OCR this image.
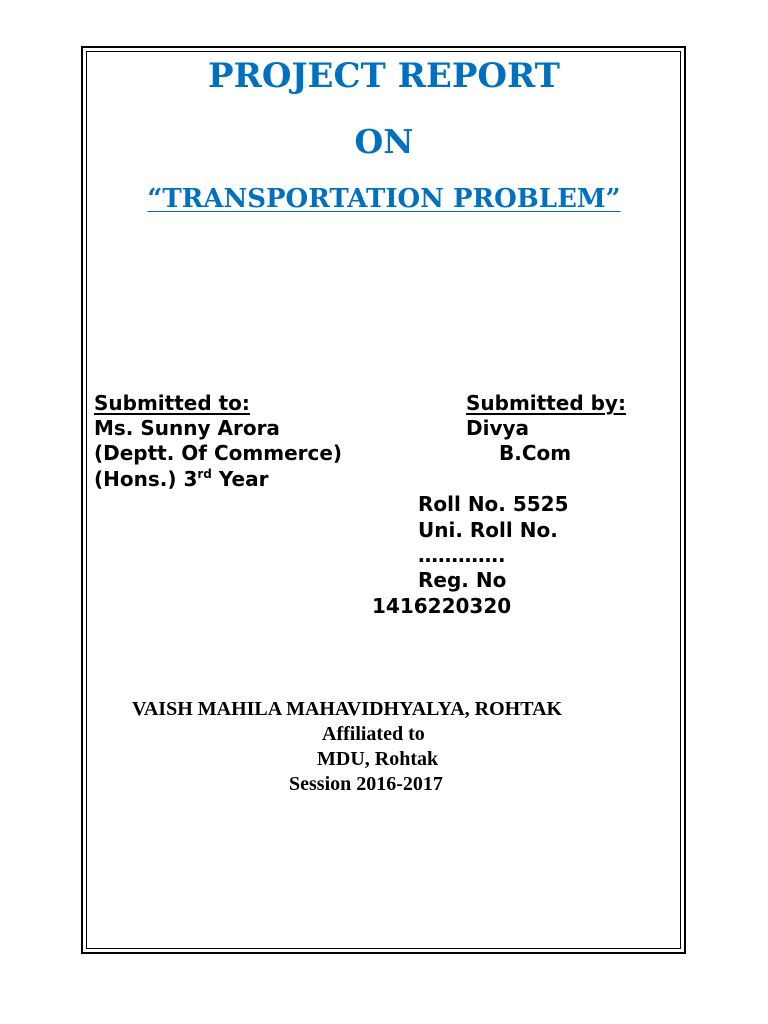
PROJECT REPORT
ON
“TRANSPORTATION PROBLEM”
Submitted to:
Ms. Sunny Arora
(Deptt. Of Commerce)
(Hons.) 3rd Year
Submitted by:
Divya
B.Com
Roll No. 5525
Uni. Roll No.
………….
Reg. No
1416220320
VAISH MAHILA MAHAVIDHYALYA, ROHTAK
Affiliated to
MDU, Rohtak
Session 2016-2017
